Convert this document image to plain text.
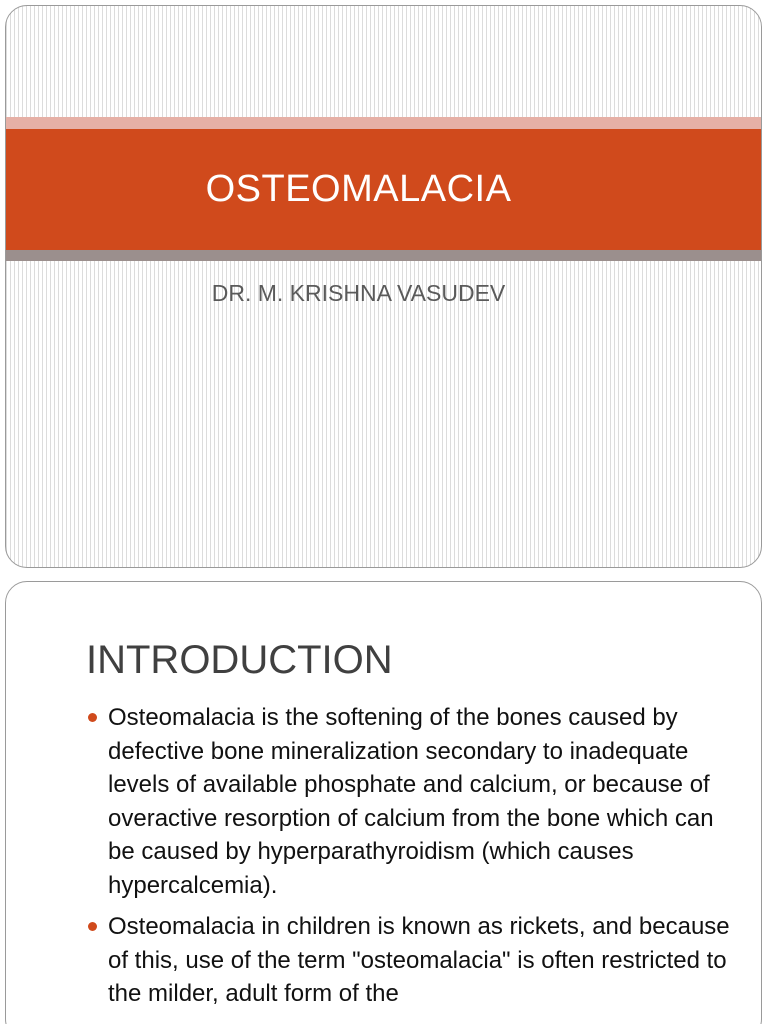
OSTEOMALACIA
DR. M. KRISHNA VASUDEV
INTRODUCTION
Osteomalacia is the softening of the bones caused by defective bone mineralization secondary to inadequate levels of available phosphate and calcium, or because of overactive resorption of calcium from the bone which can be caused by hyperparathyroidism (which causes hypercalcemia).
Osteomalacia in children is known as rickets, and because of this, use of the term "osteomalacia" is often restricted to the milder, adult form of the
